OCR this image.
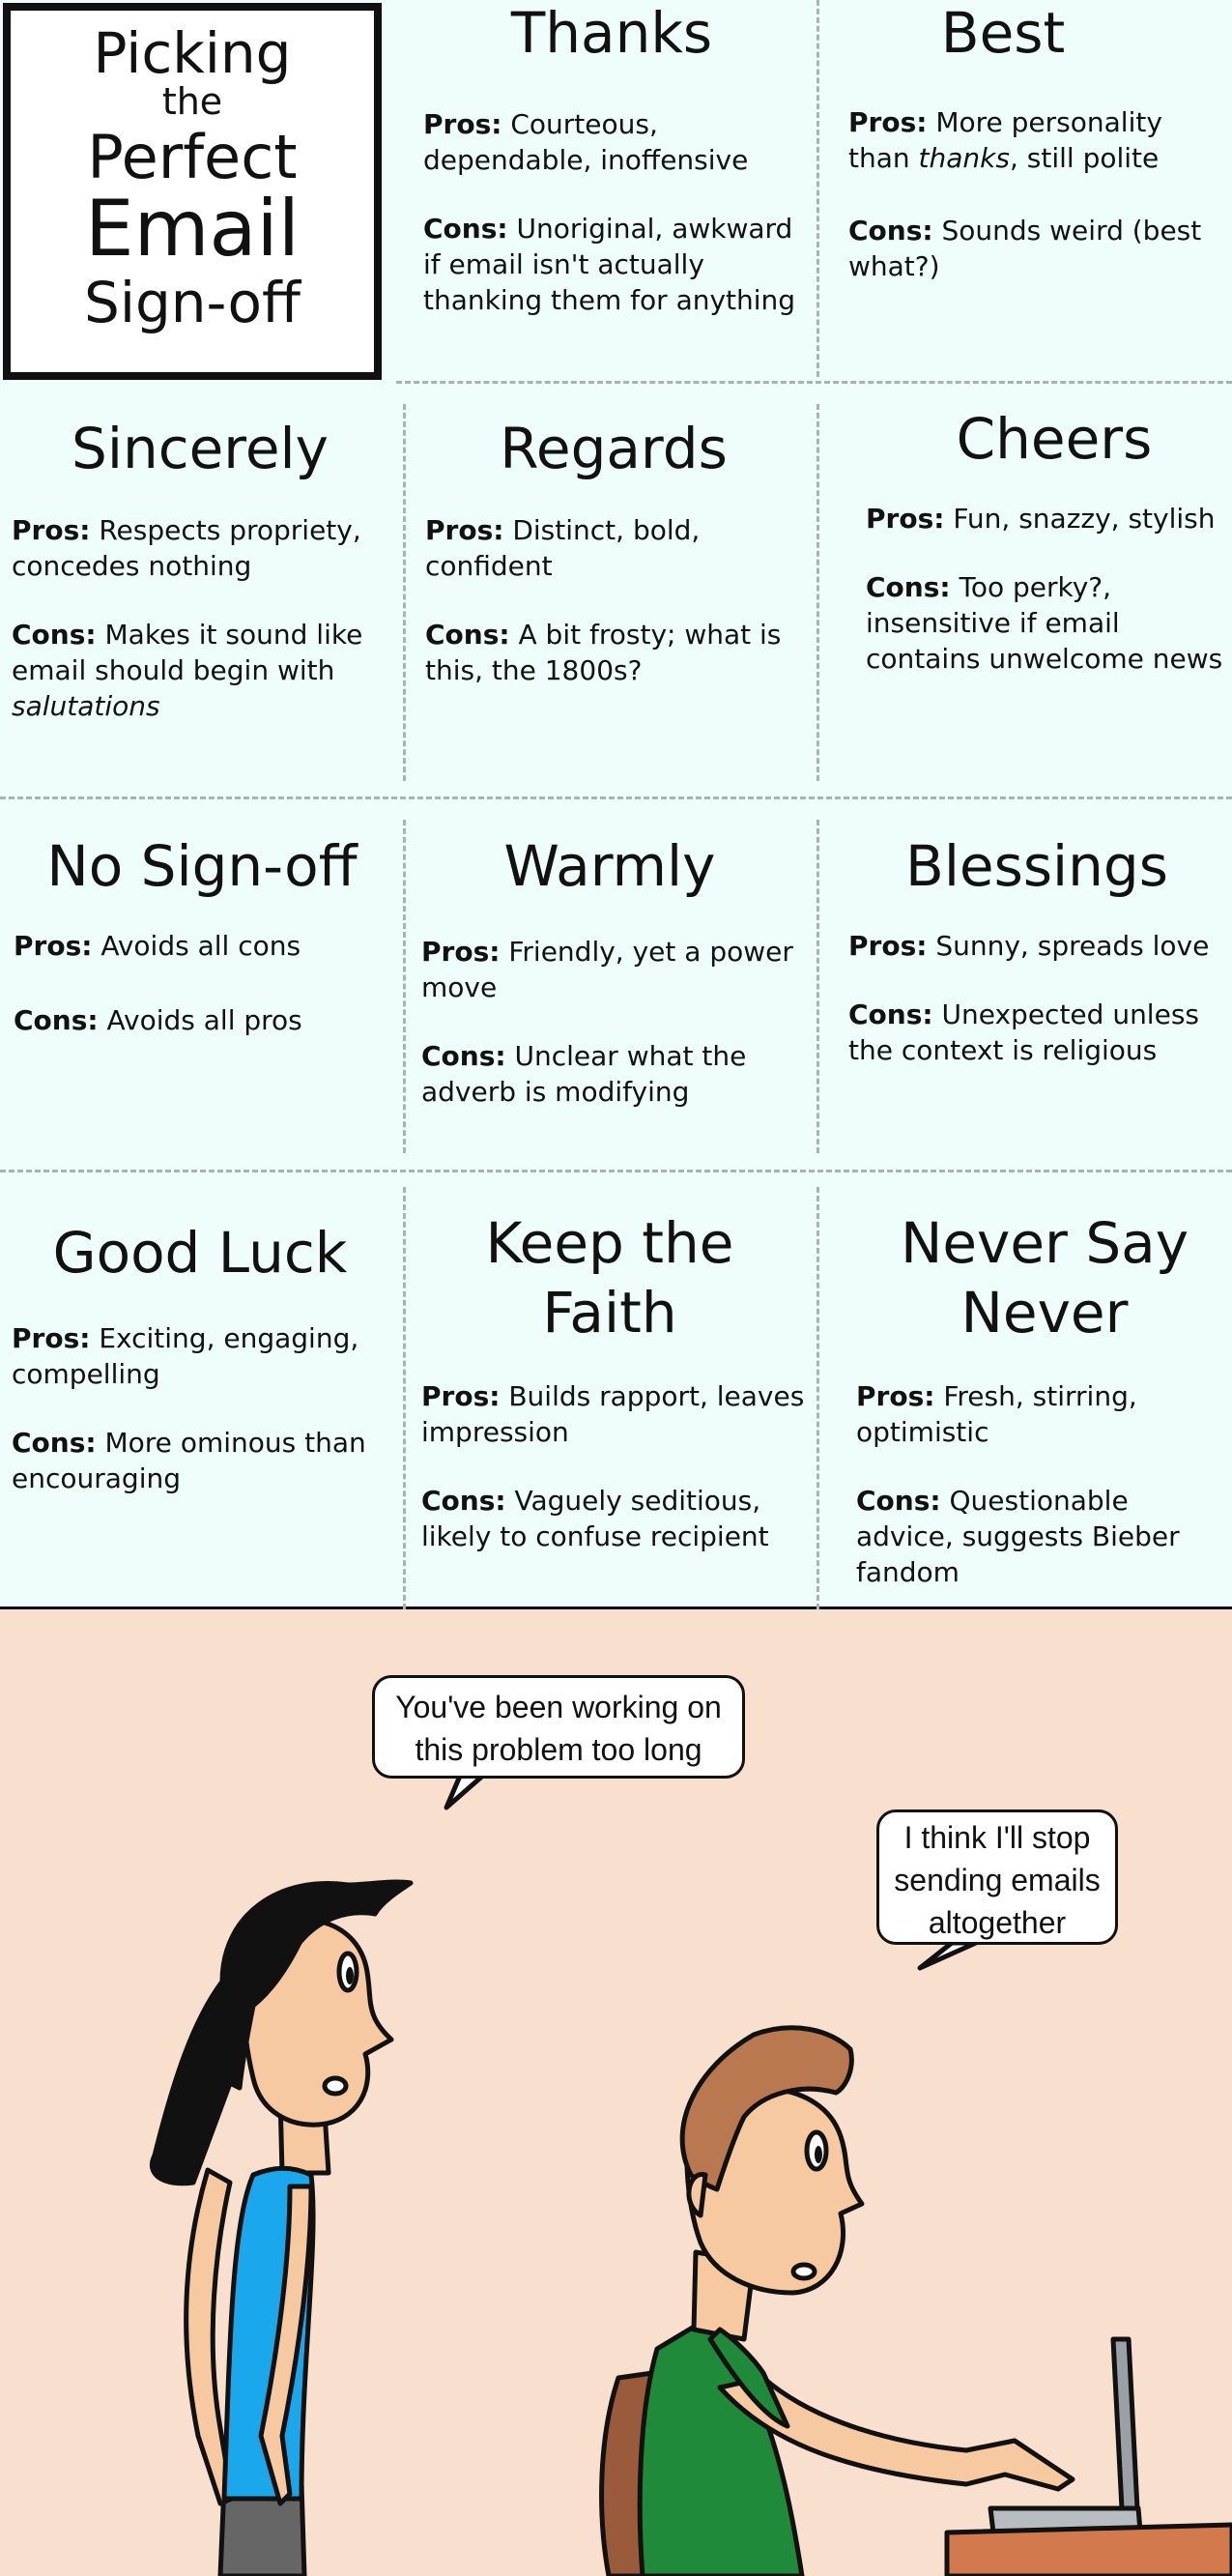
Picking
the
Perfect
Email
Sign-off
Thanks

Pros: Courteous, dependable, inoffensive

Cons: Unoriginal, awkward if email isn't actually thanking them for anything

Best

Pros: More personality than thanks, still polite

Cons: Sounds weird (best what?)

Sincerely

Pros: Respects propriety, concedes nothing

Cons: Makes it sound like email should begin with salutations

Regards

Pros: Distinct, bold, confident

Cons: A bit frosty; what is this, the 1800s?

Cheers

Pros: Fun, snazzy, stylish

Cons: Too perky?, insensitive if email contains unwelcome news

No Sign-off

Pros: Avoids all cons

Cons: Avoids all pros

Warmly

Pros: Friendly, yet a power move

Cons: Unclear what the adverb is modifying

Blessings

Pros: Sunny, spreads love

Cons: Unexpected unless the context is religious

Good Luck

Pros: Exciting, engaging, compelling

Cons: More ominous than encouraging

Keep the
Faith

Pros: Builds rapport, leaves impression

Cons: Vaguely seditious, likely to confuse recipient

Never Say
Never

Pros: Fresh, stirring, optimistic

Cons: Questionable advice, suggests Bieber fandom

You've been working on
this problem too long
I think I'll stop
sending emails
altogether
